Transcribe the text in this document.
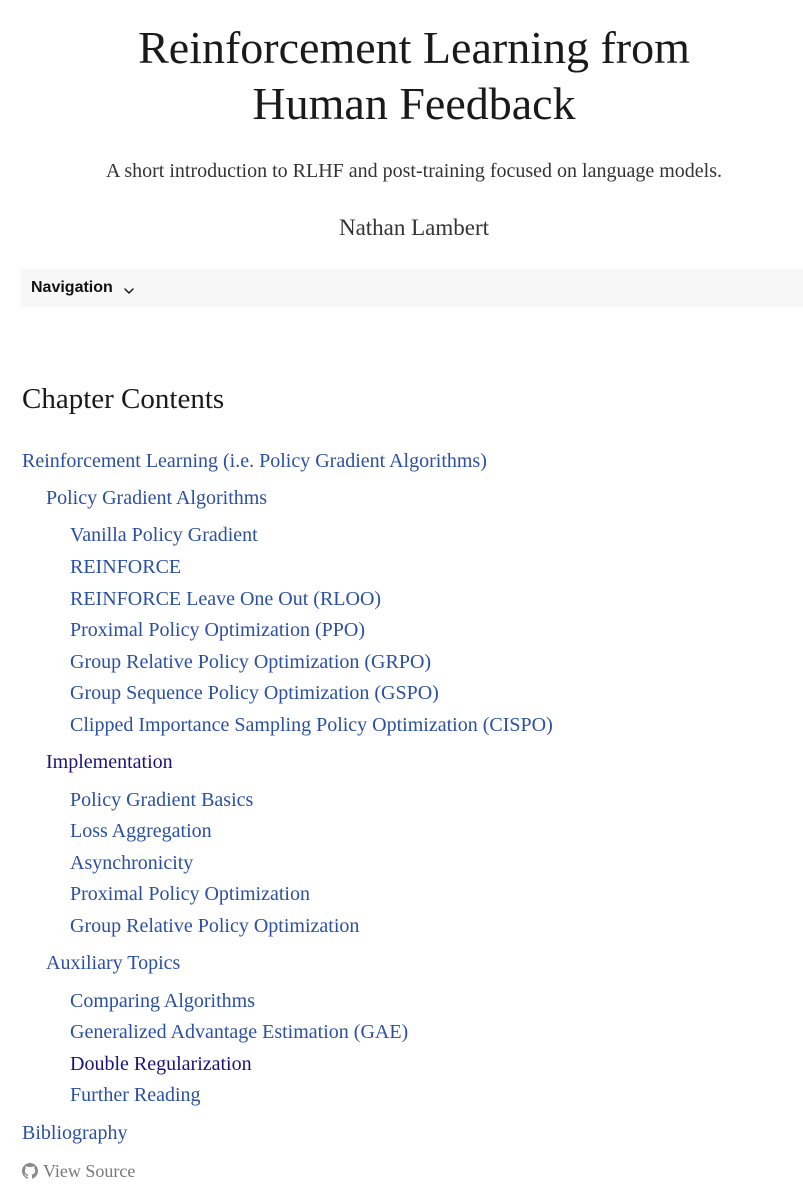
Reinforcement Learning from
Human Feedback

A short introduction to RLHF and post-training focused on language models.

Nathan Lambert

Navigation
Chapter Contents
Reinforcement Learning (i.e. Policy Gradient Algorithms)
Policy Gradient Algorithms
Vanilla Policy Gradient
REINFORCE
REINFORCE Leave One Out (RLOO)
Proximal Policy Optimization (PPO)
Group Relative Policy Optimization (GRPO)
Group Sequence Policy Optimization (GSPO)
Clipped Importance Sampling Policy Optimization (CISPO)
Implementation
Policy Gradient Basics
Loss Aggregation
Asynchronicity
Proximal Policy Optimization
Group Relative Policy Optimization
Auxiliary Topics
Comparing Algorithms
Generalized Advantage Estimation (GAE)
Double Regularization
Further Reading
Bibliography
View Source
